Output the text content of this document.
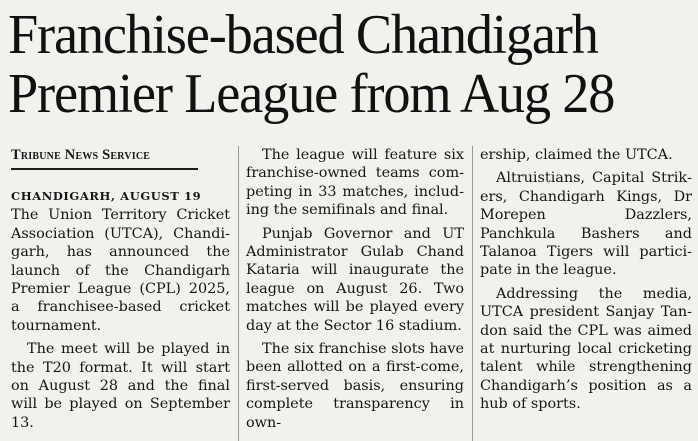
Franchise-based Chandigarh
Premier League from Aug 28
Tribune News Service
CHANDIGARH, AUGUST 19

The Union Territory Cricket Association (UTCA), Chandigarh, has announced the launch of the Chandigarh Premier League (CPL) 2025, a franchisee-based cricket tournament.

The meet will be played in the T20 format. It will start on August 28 and the final will be played on September 13.

The league will feature six franchise-owned teams competing in 33 matches, including the semifinals and final.

Punjab Governor and UT Administrator Gulab Chand Kataria will inaugurate the league on August 26. Two matches will be played every day at the Sector 16 stadium.

The six franchise slots have been allotted on a first-come, first-served basis, ensuring complete transparency in own-

ership, claimed the UTCA.

Altruistians, Capital Strikers, Chandigarh Kings, Dr Morepen Dazzlers, Panchkula Bashers and Talanoa Tigers will participate in the league.

Addressing the media, UTCA president Sanjay Tandon said the CPL was aimed at nurturing local cricketing talent while strengthening Chandigarh’s position as a hub of sports.
